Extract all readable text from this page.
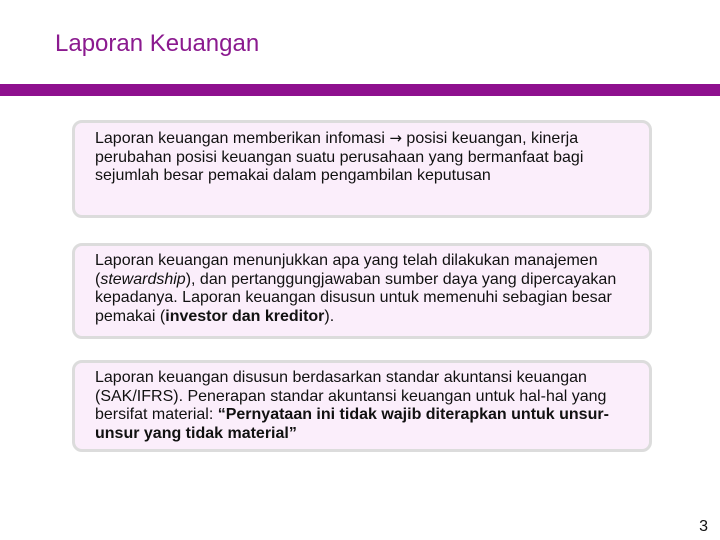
Laporan Keuangan

Laporan keuangan memberikan infomasi → posisi keuangan, kinerja perubahan posisi keuangan suatu perusahaan yang bermanfaat bagi sejumlah besar pemakai dalam pengambilan keputusan

Laporan keuangan menunjukkan apa yang telah dilakukan manajemen (stewardship), dan pertanggungjawaban sumber daya yang dipercayakan kepadanya. Laporan keuangan disusun untuk memenuhi sebagian besar pemakai (investor dan kreditor).

Laporan keuangan disusun berdasarkan standar akuntansi keuangan (SAK/IFRS). Penerapan standar akuntansi keuangan untuk hal-hal yang bersifat material: “Pernyataan ini tidak wajib diterapkan untuk unsur-unsur yang tidak material”

3
